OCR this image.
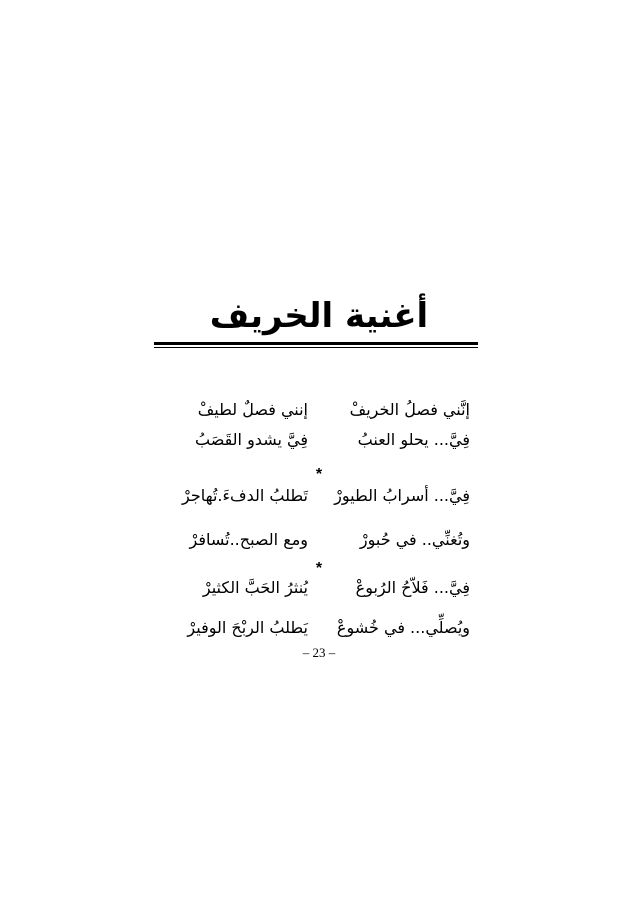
أغنية الخريف
إنَّني فصلُ الخريفْ
إنني فصلٌ لطيفْ
فِيَّ... يحلو العنبُ
فِيَّ يشدو القَصَبُ
*
فِيَّ... أسرابُ الطيورْ
تَطلبُ الدفءَ.تُهاجرْ
وتُغنِّي.. في حُبورْ
ومع الصبح..تُسافرْ
*
فِيَّ... فَلاّحُ الرُبوعْ
يُنثرُ الحَبَّ الكثيرْ
ويُصلِّي... في خُشوعْ
يَطلبُ الربْحَ الوفيرْ
– 23 –
